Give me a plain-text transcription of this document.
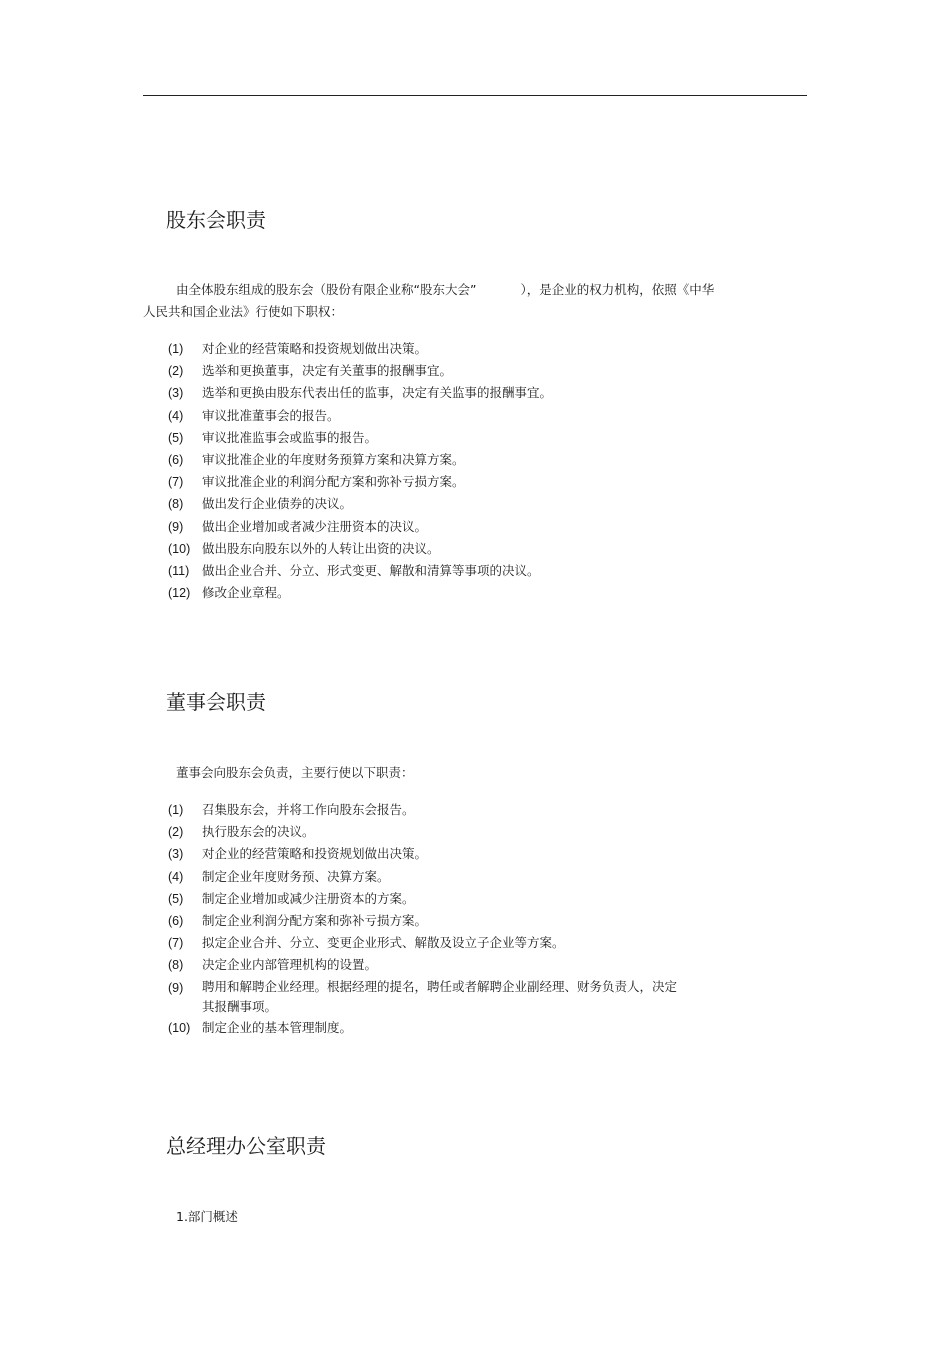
股东会职责
由全体股东组成的股东会（股份有限企业称“股东大会”	），是企业的权力机构，依照《中华
人民共和国企业法》行使如下职权：
(1) 对企业的经营策略和投资规划做出决策。
(2) 选举和更换董事，决定有关董事的报酬事宜。
(3) 选举和更换由股东代表出任的监事，决定有关监事的报酬事宜。
(4) 审议批准董事会的报告。
(5) 审议批准监事会或监事的报告。
(6) 审议批准企业的年度财务预算方案和决算方案。
(7) 审议批准企业的利润分配方案和弥补亏损方案。
(8) 做出发行企业债券的决议。
(9) 做出企业增加或者减少注册资本的决议。
(10) 做出股东向股东以外的人转让出资的决议。
(11) 做出企业合并、分立、形式变更、解散和清算等事项的决议。
(12) 修改企业章程。
董事会职责
董事会向股东会负责，主要行使以下职责：
(1) 召集股东会，并将工作向股东会报告。
(2) 执行股东会的决议。
(3) 对企业的经营策略和投资规划做出决策。
(4) 制定企业年度财务预、决算方案。
(5) 制定企业增加或减少注册资本的方案。
(6) 制定企业利润分配方案和弥补亏损方案。
(7) 拟定企业合并、分立、变更企业形式、解散及设立子企业等方案。
(8) 决定企业内部管理机构的设置。
(9) 聘用和解聘企业经理。根据经理的提名，聘任或者解聘企业副经理、财务负责人，决定
其报酬事项。
(10) 制定企业的基本管理制度。
总经理办公室职责
1.部门概述
